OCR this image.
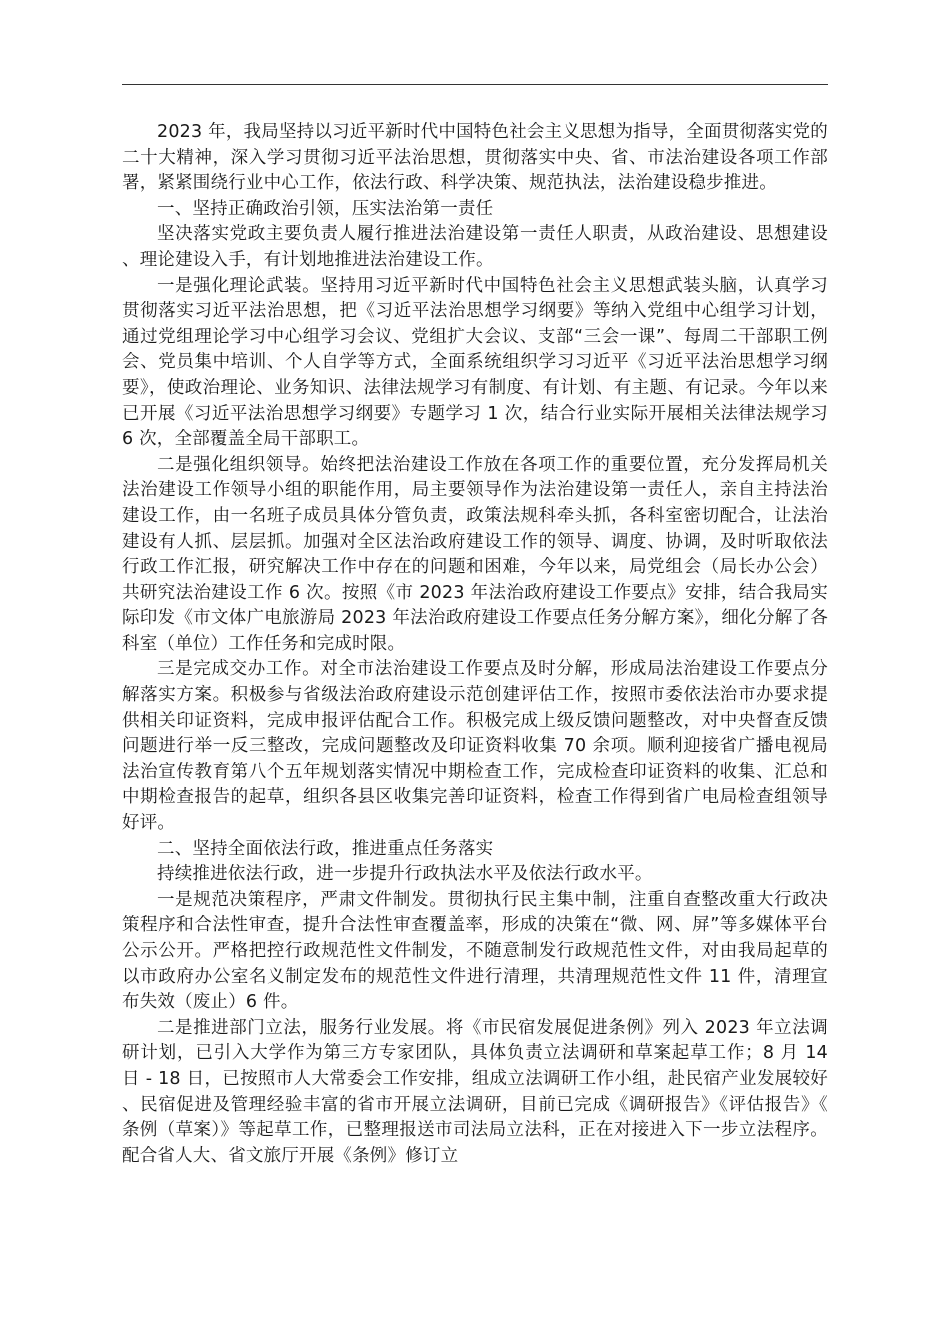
2023 年，我局坚持以习近平新时代中国特色社会主义思想为指导，全面贯彻落实党的二十大精神，深入学习贯彻习近平法治思想，贯彻落实中央、省、市法治建设各项工作部署，紧紧围绕行业中心工作，依法行政、科学决策、规范执法，法治建设稳步推进。

一、坚持正确政治引领，压实法治第一责任

坚决落实党政主要负责人履行推进法治建设第一责任人职责，从政治建设、思想建设、理论建设入手，有计划地推进法治建设工作。

一是强化理论武装。坚持用习近平新时代中国特色社会主义思想武装头脑，认真学习贯彻落实习近平法治思想，把《习近平法治思想学习纲要》等纳入党组中心组学习计划，通过党组理论学习中心组学习会议、党组扩大会议、支部“三会一课”、每周二干部职工例会、党员集中培训、个人自学等方式，全面系统组织学习习近平《习近平法治思想学习纲要》，使政治理论、业务知识、法律法规学习有制度、有计划、有主题、有记录。今年以来已开展《习近平法治思想学习纲要》专题学习 1 次，结合行业实际开展相关法律法规学习 6 次，全部覆盖全局干部职工。

二是强化组织领导。始终把法治建设工作放在各项工作的重要位置，充分发挥局机关法治建设工作领导小组的职能作用，局主要领导作为法治建设第一责任人，亲自主持法治建设工作，由一名班子成员具体分管负责，政策法规科牵头抓，各科室密切配合，让法治建设有人抓、层层抓。加强对全区法治政府建设工作的领导、调度、协调，及时听取依法行政工作汇报，研究解决工作中存在的问题和困难，今年以来，局党组会（局长办公会）共研究法治建设工作 6 次。按照《市 2023 年法治政府建设工作要点》安排，结合我局实际印发《市文体广电旅游局 2023 年法治政府建设工作要点任务分解方案》，细化分解了各科室（单位）工作任务和完成时限。

三是完成交办工作。对全市法治建设工作要点及时分解，形成局法治建设工作要点分解落实方案。积极参与省级法治政府建设示范创建评估工作，按照市委依法治市办要求提供相关印证资料，完成申报评估配合工作。积极完成上级反馈问题整改，对中央督查反馈问题进行举一反三整改，完成问题整改及印证资料收集 70 余项。顺利迎接省广播电视局法治宣传教育第八个五年规划落实情况中期检查工作，完成检查印证资料的收集、汇总和中期检查报告的起草，组织各县区收集完善印证资料，检查工作得到省广电局检查组领导好评。

二、坚持全面依法行政，推进重点任务落实

持续推进依法行政，进一步提升行政执法水平及依法行政水平。

一是规范决策程序，严肃文件制发。贯彻执行民主集中制，注重自查整改重大行政决策程序和合法性审查，提升合法性审查覆盖率，形成的决策在“微、网、屏”等多媒体平台公示公开。严格把控行政规范性文件制发，不随意制发行政规范性文件，对由我局起草的以市政府办公室名义制定发布的规范性文件进行清理，共清理规范性文件 11 件，清理宣布失效（废止）6 件。

二是推进部门立法，服务行业发展。将《市民宿发展促进条例》列入 2023 年立法调研计划，已引入大学作为第三方专家团队，具体负责立法调研和草案起草工作；8 月 14 日 - 18 日，已按照市人大常委会工作安排，组成立法调研工作小组，赴民宿产业发展较好、民宿促进及管理经验丰富的省市开展立法调研，目前已完成《调研报告》《评估报告》《条例（草案）》等起草工作，已整理报送市司法局立法科，正在对接进入下一步立法程序。配合省人大、省文旅厅开展《条例》修订立
